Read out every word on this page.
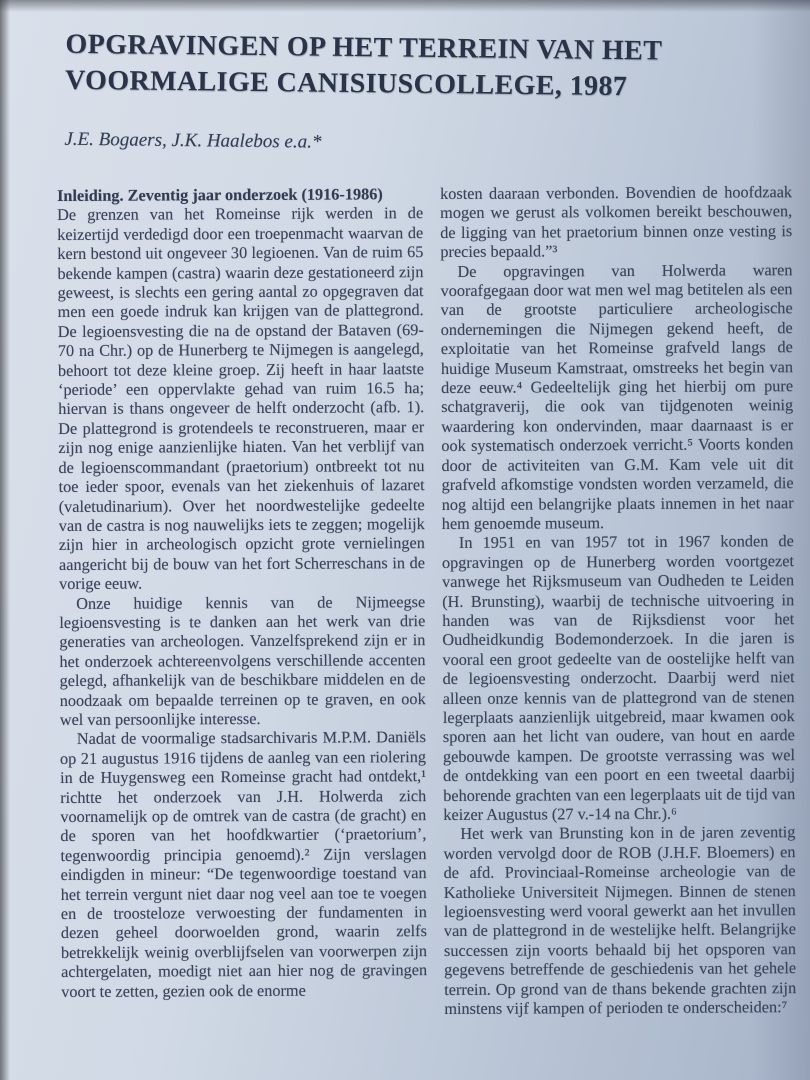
OPGRAVINGEN OP HET TERREIN VAN HET
VOORMALIGE CANISIUSCOLLEGE, 1987

J.E. Bogaers, J.K. Haalebos e.a.*

Inleiding. Zeventig jaar onderzoek (1916-1986)

De grenzen van het Romeinse rijk werden in de keizertijd verdedigd door een troepenmacht waarvan de kern bestond uit ongeveer 30 legioenen. Van de ruim 65 bekende kampen (castra) waarin deze gestationeerd zijn geweest, is slechts een gering aantal zo opgegraven dat men een goede indruk kan krijgen van de plattegrond. De legioensvesting die na de opstand der Bataven (69-70 na Chr.) op de Hunerberg te Nijmegen is aangelegd, behoort tot deze kleine groep. Zij heeft in haar laatste ‘periode’ een oppervlakte gehad van ruim 16.5 ha; hiervan is thans ongeveer de helft onderzocht (afb. 1). De plattegrond is grotendeels te reconstrueren, maar er zijn nog enige aanzienlijke hiaten. Van het verblijf van de legioenscommandant (praetorium) ontbreekt tot nu toe ieder spoor, evenals van het ziekenhuis of lazaret (valetudinarium). Over het noordwestelijke gedeelte van de castra is nog nauwelijks iets te zeggen; mogelijk zijn hier in archeologisch opzicht grote vernielingen aangericht bij de bouw van het fort Scherreschans in de vorige eeuw.

Onze huidige kennis van de Nijmeegse legioensvesting is te danken aan het werk van drie generaties van archeologen. Vanzelfsprekend zijn er in het onderzoek achtereenvolgens verschillende accenten gelegd, afhankelijk van de beschikbare middelen en de noodzaak om bepaalde terreinen op te graven, en ook wel van persoonlijke interesse.

Nadat de voormalige stadsarchivaris M.P.M. Daniëls op 21 augustus 1916 tijdens de aanleg van een riolering in de Huygensweg een Romeinse gracht had ontdekt,¹ richtte het onderzoek van J.H. Holwerda zich voornamelijk op de omtrek van de castra (de gracht) en de sporen van het hoofdkwartier (‘praetorium’, tegenwoordig principia genoemd).² Zijn verslagen eindigden in mineur: “De tegenwoordige toestand van het terrein vergunt niet daar nog veel aan toe te voegen en de troosteloze verwoesting der fundamenten in dezen geheel doorwoelden grond, waarin zelfs betrekkelijk weinig overblijfselen van voorwerpen zijn achtergelaten, moedigt niet aan hier nog de gravingen voort te zetten, gezien ook de enorme

kosten daaraan verbonden. Bovendien de hoofdzaak mogen we gerust als volkomen bereikt beschouwen, de ligging van het praetorium binnen onze vesting is precies bepaald.”³

De opgravingen van Holwerda waren voorafgegaan door wat men wel mag betitelen als een van de grootste particuliere archeologische ondernemingen die Nijmegen gekend heeft, de exploitatie van het Romeinse grafveld langs de huidige Museum Kamstraat, omstreeks het begin van deze eeuw.⁴ Gedeeltelijk ging het hierbij om pure schatgraverij, die ook van tijdgenoten weinig waardering kon ondervinden, maar daarnaast is er ook systematisch onderzoek verricht.⁵ Voorts konden door de activiteiten van G.M. Kam vele uit dit grafveld afkomstige vondsten worden verzameld, die nog altijd een belangrijke plaats innemen in het naar hem genoemde museum.

In 1951 en van 1957 tot in 1967 konden de opgravingen op de Hunerberg worden voortgezet vanwege het Rijksmuseum van Oudheden te Leiden (H. Brunsting), waarbij de technische uitvoering in handen was van de Rijksdienst voor het Oudheidkundig Bodemonderzoek. In die jaren is vooral een groot gedeelte van de oostelijke helft van de legioensvesting onderzocht. Daarbij werd niet alleen onze kennis van de plattegrond van de stenen legerplaats aanzienlijk uitgebreid, maar kwamen ook sporen aan het licht van oudere, van hout en aarde gebouwde kampen. De grootste verrassing was wel de ontdekking van een poort en een tweetal daarbij behorende grachten van een legerplaats uit de tijd van keizer Augustus (27 v.-14 na Chr.).⁶

Het werk van Brunsting kon in de jaren zeventig worden vervolgd door de ROB (J.H.F. Bloemers) en de afd. Provinciaal-Romeinse archeologie van de Katholieke Universiteit Nijmegen. Binnen de stenen legioensvesting werd vooral gewerkt aan het invullen van de plattegrond in de westelijke helft. Belangrijke successen zijn voorts behaald bij het opsporen van gegevens betreffende de geschiedenis van het gehele terrein. Op grond van de thans bekende grachten zijn minstens vijf kampen of perioden te onderscheiden:⁷
